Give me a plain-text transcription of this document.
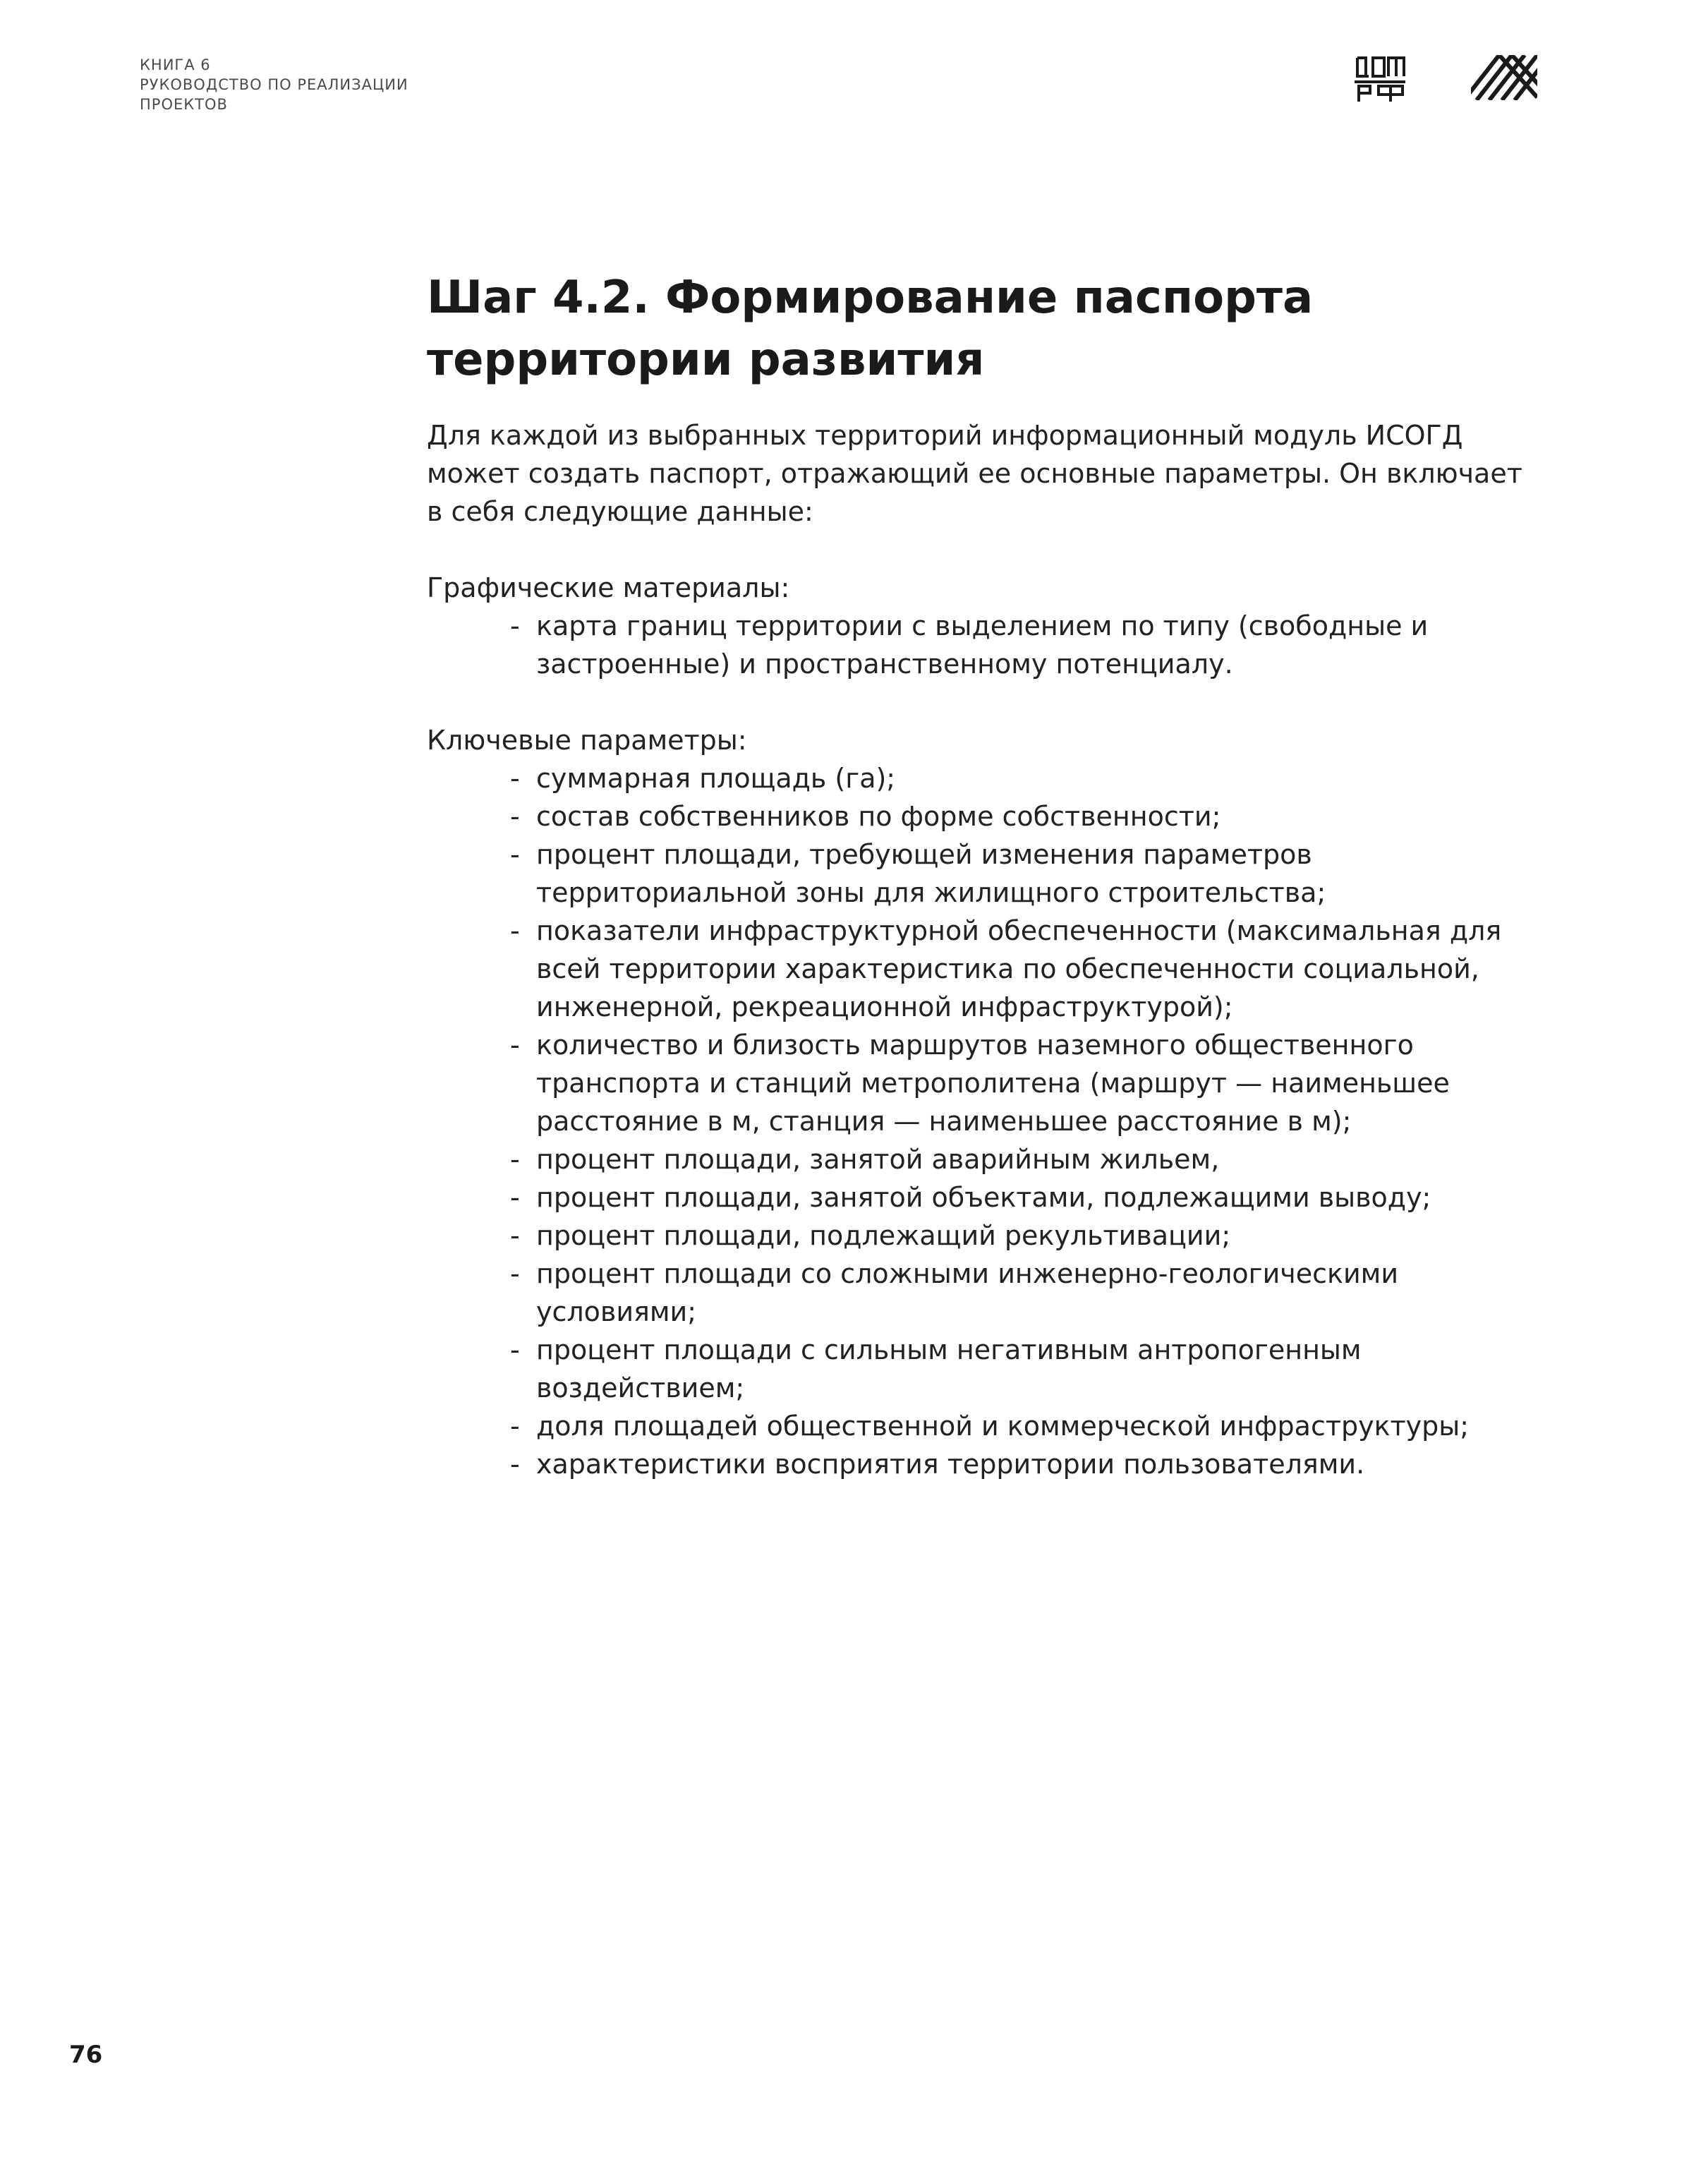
КНИГА 6
РУКОВОДСТВО ПО РЕАЛИЗАЦИИ
ПРОЕКТОВ
Шаг 4.2. Формирование паспорта территории развития

Для каждой из выбранных территорий информационный модуль ИСОГД может создать паспорт, отражающий ее основные параметры. Он включает в себя следующие данные:

Графические материалы:

- карта границ территории с выделением по типу (свободные и застроенные) и пространственному потенциалу.

Ключевые параметры:

- суммарная площадь (га);
- состав собственников по форме собственности;
- процент площади, требующей изменения параметров территориальной зоны для жилищного строительства;
- показатели инфраструктурной обеспеченности (максимальная для всей территории характеристика по обеспеченности социальной, инженерной, рекреационной инфраструктурой);
- количество и близость маршрутов наземного общественного транспорта и станций метрополитена (маршрут — наименьшее расстояние в м, станция — наименьшее расстояние в м);
- процент площади, занятой аварийным жильем,
- процент площади, занятой объектами, подлежащими выводу;
- процент площади, подлежащий рекультивации;
- процент площади со сложными инженерно-геологическими условиями;
- процент площади с сильным негативным антропогенным воздействием;
- доля площадей общественной и коммерческой инфраструктуры;
- характеристики восприятия территории пользователями.
76
